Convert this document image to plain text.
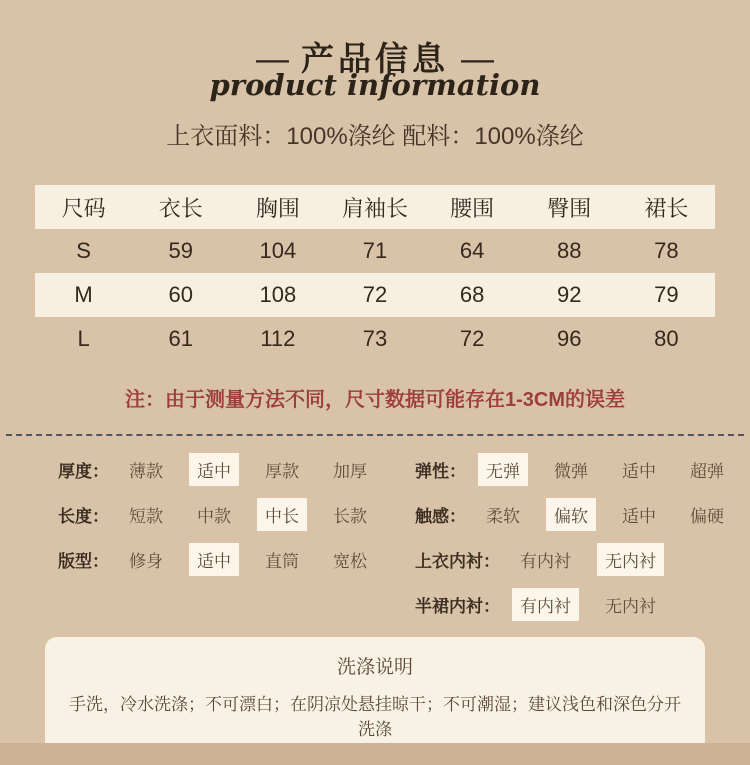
— 产品信息 —
product information
上衣面料：100%涤纶 配料：100%涤纶
尺码	衣长	胸围	肩袖长	腰围	臀围	裙长
S	59	104	71	64	88	78
M	60	108	72	68	92	79
L	61	112	73	72	96	80
注：由于测量方法不同，尺寸数据可能存在1-3CM的误差
厚度：	薄款	适中	厚款	加厚
长度：	短款	中款	中长	长款
版型：	修身	适中	直筒	宽松
弹性：	无弹	微弹	适中	超弹
触感：	柔软	偏软	适中	偏硬
上衣内衬：	有内衬	无内衬
半裙内衬：	有内衬	无内衬
洗涤说明
手洗，冷水洗涤；不可漂白；在阴凉处悬挂晾干；不可潮湿；建议浅色和深色分开洗涤
